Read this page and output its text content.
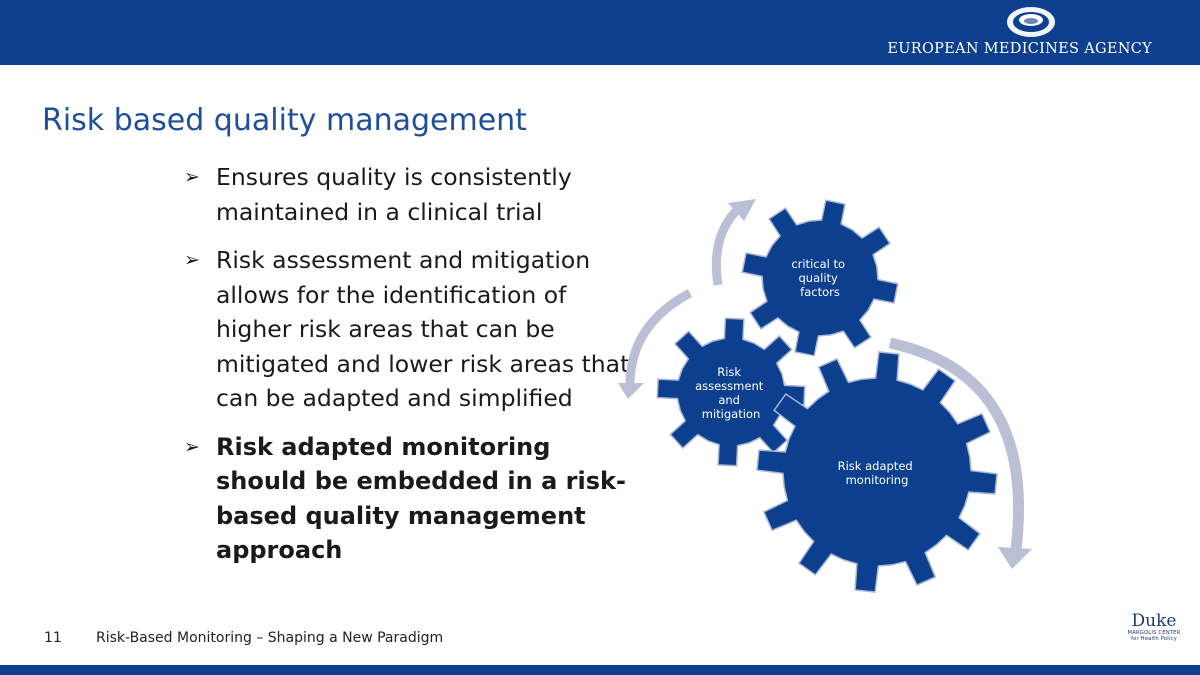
EUROPEAN MEDICINES AGENCY
Risk based quality management
➢ Ensures quality is consistently maintained in a clinical trial
➢ Risk assessment and mitigation allows for the identification of higher risk areas that can be mitigated and lower risk areas that can be adapted and simplified
➢ Risk adapted monitoring should be embedded in a risk-based quality management approach
critical to quality factors
Risk assessment and mitigation
Risk adapted monitoring
11 Risk-Based Monitoring – Shaping a New Paradigm
Duke
MARGOLIS CENTER
for Health Policy
